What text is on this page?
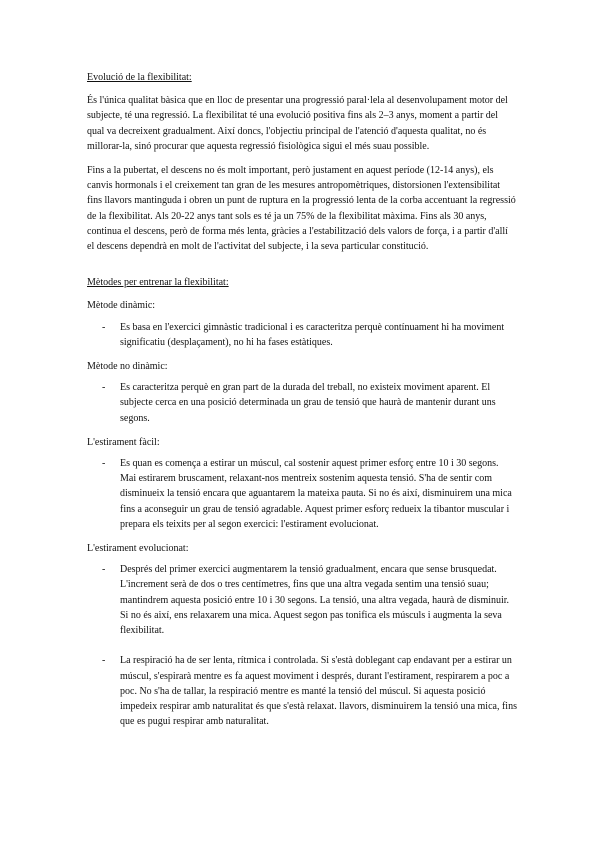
Evolució de la flexibilitat:

És l'única qualitat bàsica que en lloc de presentar una progressió paral·lela al desenvolupament motor del subjecte, té una regressió. La flexibilitat té una evolució positiva fins als 2–3 anys, moment a partir del qual va decreixent gradualment. Així doncs, l'objectiu principal de l'atenció d'aquesta qualitat, no és millorar-la, sinó procurar que aquesta regressió fisiològica sigui el més suau possible.

Fins a la pubertat, el descens no és molt important, però justament en aquest període (12-14 anys), els canvis hormonals i el creixement tan gran de les mesures antropomètriques, distorsionen l'extensibilitat fins llavors mantinguda i obren un punt de ruptura en la progressió lenta de la corba accentuant la regressió de la flexibilitat. Als 20-22 anys tant sols es té ja un 75% de la flexibilitat màxima. Fins als 30 anys, continua el descens, però de forma més lenta, gràcies a l'estabilització dels valors de força, i a partir d'allí el descens dependrà en molt de l'activitat del subjecte, i la seva particular constitució.

Mètodes per entrenar la flexibilitat:
Mètode dinàmic:
- Es basa en l'exercici gimnàstic tradicional i es caracteritza perquè contínuament hi ha moviment significatiu (desplaçament), no hi ha fases estàtiques.
Mètode no dinàmic:
- Es caracteritza perquè en gran part de la durada del treball, no existeix moviment aparent. El subjecte cerca en una posició determinada un grau de tensió que haurà de mantenir durant uns segons.
L'estirament fàcil:
- Es quan es comença a estirar un múscul, cal sostenir aquest primer esforç entre 10 i 30 segons. Mai estirarem bruscament, relaxant-nos mentreix sostenim aquesta tensió. S'ha de sentir com disminueix la tensió encara que aguantarem la mateixa pauta. Si no és així, disminuirem una mica fins a aconseguir un grau de tensió agradable. Aquest primer esforç redueix la tibantor muscular i prepara els teixits per al segon exercici: l'estirament evolucionat.
L'estirament evolucionat:
- Després del primer exercici augmentarem la tensió gradualment, encara que sense brusquedat. L'increment serà de dos o tres centímetres, fins que una altra vegada sentim una tensió suau; mantindrem aquesta posició entre 10 i 30 segons. La tensió, una altra vegada, haurà de disminuir. Si no és així, ens relaxarem una mica. Aquest segon pas tonifica els músculs i augmenta la seva flexibilitat.
- La respiració ha de ser lenta, rítmica i controlada. Si s'està doblegant cap endavant per a estirar un múscul, s'espirarà mentre es fa aquest moviment i després, durant l'estirament, respirarem a poc a poc. No s'ha de tallar, la respiració mentre es manté la tensió del múscul. Si aquesta posició impedeix respirar amb naturalitat és que s'està relaxat. llavors, disminuirem la tensió una mica, fins que es pugui respirar amb naturalitat.
